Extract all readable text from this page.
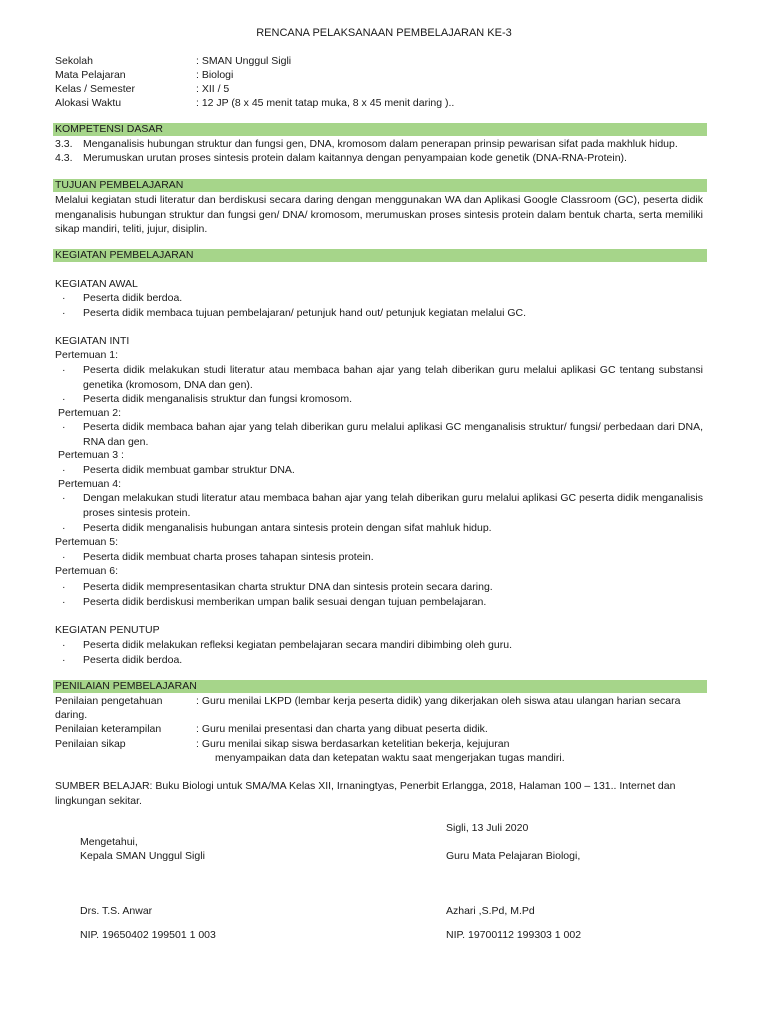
RENCANA PELAKSANAAN PEMBELAJARAN KE-3
Sekolah	: SMAN Unggul Sigli
Mata Pelajaran	: Biologi
Kelas / Semester	: XII / 5
Alokasi Waktu	: 12 JP (8 x 45 menit tatap muka, 8 x 45 menit daring )..
KOMPETENSI DASAR
3.3. Menganalisis hubungan struktur dan fungsi gen, DNA, kromosom dalam penerapan prinsip pewarisan sifat pada makhluk hidup.
4.3. Merumuskan urutan proses sintesis protein dalam kaitannya dengan penyampaian kode genetik (DNA-RNA-Protein).
TUJUAN PEMBELAJARAN
Melalui kegiatan studi literatur dan berdiskusi secara daring dengan menggunakan WA dan Aplikasi Google Classroom (GC), peserta didik menganalisis hubungan struktur dan fungsi gen/ DNA/ kromosom, merumuskan proses sintesis protein dalam bentuk charta, serta memiliki sikap mandiri, teliti, jujur, disiplin.
KEGIATAN PEMBELAJARAN
KEGIATAN AWAL
· Peserta didik berdoa.
· Peserta didik membaca tujuan pembelajaran/ petunjuk hand out/ petunjuk kegiatan melalui GC.
KEGIATAN INTI
Pertemuan 1:
· Peserta didik melakukan studi literatur atau membaca bahan ajar yang telah diberikan guru melalui aplikasi GC tentang substansi genetika (kromosom, DNA dan gen).
· Peserta didik menganalisis struktur dan fungsi kromosom.
Pertemuan 2:
· Peserta didik membaca bahan ajar yang telah diberikan guru melalui aplikasi GC menganalisis struktur/ fungsi/ perbedaan dari DNA, RNA dan gen.
Pertemuan 3 :
· Peserta didik membuat gambar struktur DNA.
Pertemuan 4:
· Dengan melakukan studi literatur atau membaca bahan ajar yang telah diberikan guru melalui aplikasi GC peserta didik menganalisis proses sintesis protein.
· Peserta didik menganalisis hubungan antara sintesis protein dengan sifat mahluk hidup.
Pertemuan 5:
· Peserta didik membuat charta proses tahapan sintesis protein.
Pertemuan 6:
· Peserta didik mempresentasikan charta struktur DNA dan sintesis protein secara daring.
· Peserta didik berdiskusi memberikan umpan balik sesuai dengan tujuan pembelajaran.
KEGIATAN PENUTUP
· Peserta didik melakukan refleksi kegiatan pembelajaran secara mandiri dibimbing oleh guru.
· Peserta didik berdoa.
PENILAIAN PEMBELAJARAN
Penilaian pengetahuan	: Guru menilai LKPD (lembar kerja peserta didik) yang dikerjakan oleh siswa atau ulangan harian secara
daring.
Penilaian keterampilan	: Guru menilai presentasi dan charta yang dibuat peserta didik.
Penilaian sikap	: Guru menilai sikap siswa berdasarkan ketelitian bekerja, kejujuran
menyampaikan data dan ketepatan waktu saat mengerjakan tugas mandiri.
SUMBER BELAJAR: Buku Biologi untuk SMA/MA Kelas XII, Irnaningtyas, Penerbit Erlangga, 2018, Halaman 100 – 131.. Internet dan lingkungan sekitar.
Sigli, 13 Juli 2020
Mengetahui,
Kepala SMAN Unggul Sigli	Guru Mata Pelajaran Biologi,
Drs. T.S. Anwar	Azhari ,S.Pd, M.Pd
NIP. 19650402 199501 1 003	NIP. 19700112 199303 1 002
